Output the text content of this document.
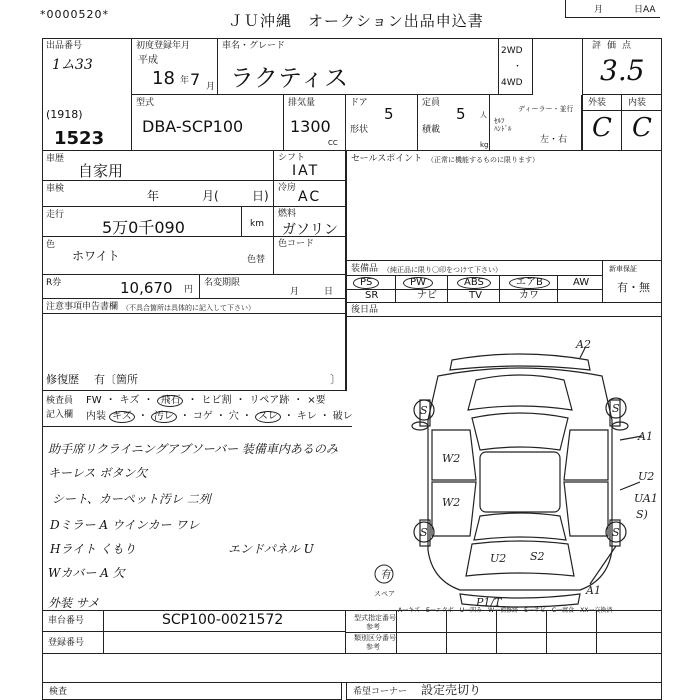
*0000520*	ＪＵ沖縄　オークション出品申込書
月	日AA
出品番号
1ム33
(1918)
1523
初度登録年月
平成
18 年 7 月
車名・グレード
ラクティス
2WD
・
4WD
評価点
3.5
型式
DBA-SCP100
排気量
1300
CC
ドア
5
形状
定員
5 人
積載
kg
ディーラー・並行
ｾﾙﾌ
ﾊﾝﾄﾞﾙ
左・右
外装 内装
C C
車歴
自家用
シフト
IAT
車検	年	月(	日)
冷房
AC
走行
5万0千090	km
燃料
ガソリン
色
ホワイト	色替
色コード
R券	10,670 円
名変期限
月	日
注意事項申告書欄 （不具合箇所は具体的に記入して下さい）
修復歴 有〔箇所	〕
検査員
記入欄
FW ・ キズ ・ 飛石 ・ ヒビ割 ・ リペア跡 ・ ×要
内装 キズ ・ 汚レ ・ コゲ ・ 穴 ・ スレ ・ キレ ・ 破レ
セールスポイント （正常に機能するものに限ります）
装備品 （純正品に限り〇印をつけて下さい）	新車保証
有・無
PS	PW	ABS	エアB	AW
SR	ナビ	TV	カワ
後日品
A2
S	S
A1
U2
UA1
S)
W2
W2
S	S
U2 S2
A1
P1/T
有
スペア
A一キズ　E一エクボ　U一凹み　W一補修跡　S一サビ　C一腐食　XX一交換済
助手席リクライニングアブソーバー 装備車内あるのみ
キーレス ボタン欠
シート、カーペット汚レ 二列
Dミラー A ウインカー ワレ
Hライト くもり
Wカバー A 欠
外装 サメ
エンドパネル U
車台番号	SCP100-0021572
登録番号
型式指定番号
参考
類別区分番号
参考
検査	希望コーナー 設定売切り
